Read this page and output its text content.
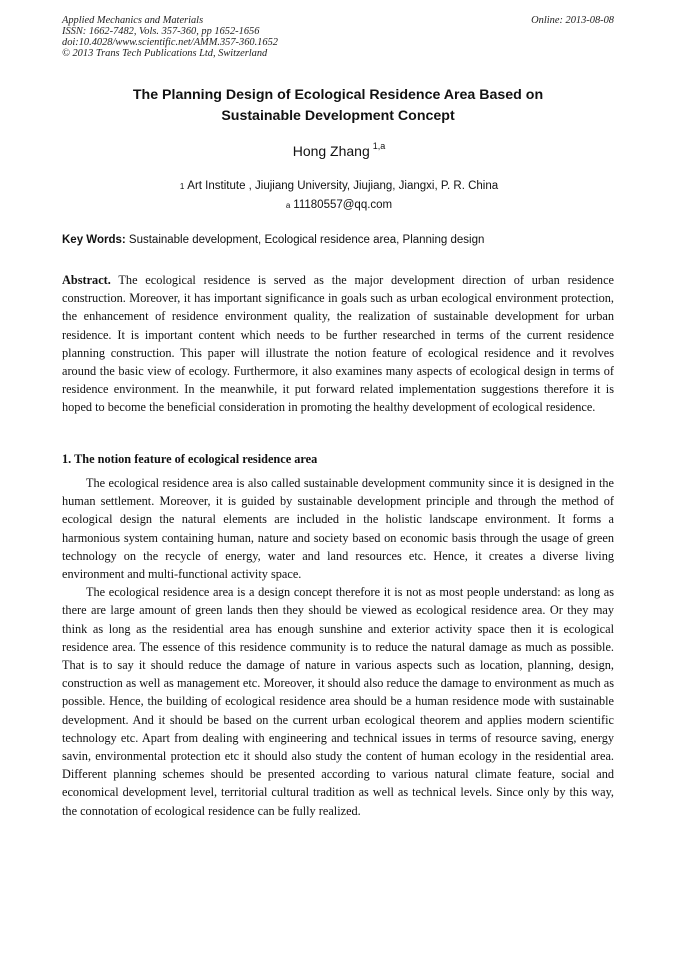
Applied Mechanics and Materials
ISSN: 1662-7482, Vols. 357-360, pp 1652-1656
doi:10.4028/www.scientific.net/AMM.357-360.1652
© 2013 Trans Tech Publications Ltd, Switzerland
Online: 2013-08-08
The Planning Design of Ecological Residence Area Based on
Sustainable Development Concept
Hong Zhang $^{1,a}$
$^1$ Art Institute , Jiujiang University, Jiujiang, Jiangxi, P. R. China
$^a$ 11180557@qq.com
Key Words: Sustainable development, Ecological residence area, Planning design

Abstract. The ecological residence is served as the major development direction of urban residence construction. Moreover, it has important significance in goals such as urban ecological environment protection, the enhancement of residence environment quality, the realization of sustainable development for urban residence. It is important content which needs to be further researched in terms of the current residence planning construction. This paper will illustrate the notion feature of ecological residence and it revolves around the basic view of ecology. Furthermore, it also examines many aspects of ecological design in terms of residence environment. In the meanwhile, it put forward related implementation suggestions therefore it is hoped to become the beneficial consideration in promoting the healthy development of ecological residence.

1. The notion feature of ecological residence area

The ecological residence area is also called sustainable development community since it is designed in the human settlement. Moreover, it is guided by sustainable development principle and through the method of ecological design the natural elements are included in the holistic landscape environment. It forms a harmonious system containing human, nature and society based on economic basis through the usage of green technology on the recycle of energy, water and land resources etc. Hence, it creates a diverse living environment and multi-functional activity space.

The ecological residence area is a design concept therefore it is not as most people understand: as long as there are large amount of green lands then they should be viewed as ecological residence area. Or they may think as long as the residential area has enough sunshine and exterior activity space then it is ecological residence area. The essence of this residence community is to reduce the natural damage as much as possible. That is to say it should reduce the damage of nature in various aspects such as location, planning, design, construction as well as management etc. Moreover, it should also reduce the damage to environment as much as possible. Hence, the building of ecological residence area should be a human residence mode with sustainable development. And it should be based on the current urban ecological theorem and applies modern scientific technology etc. Apart from dealing with engineering and technical issues in terms of resource saving, energy savin, environmental protection etc it should also study the content of human ecology in the residential area. Different planning schemes should be presented according to various natural climate feature, social and economical development level, territorial cultural tradition as well as technical levels. Since only by this way, the connotation of ecological residence can be fully realized.
